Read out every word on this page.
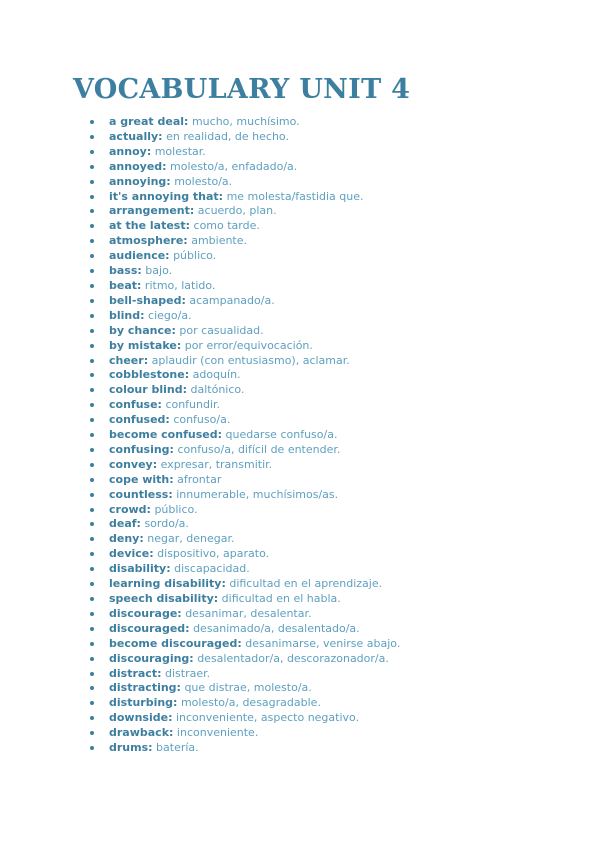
VOCABULARY UNIT 4
a great deal: mucho, muchísimo.
actually: en realidad, de hecho.
annoy: molestar.
annoyed: molesto/a, enfadado/a.
annoying: molesto/a.
it's annoying that: me molesta/fastidia que.
arrangement: acuerdo, plan.
at the latest: como tarde.
atmosphere: ambiente.
audience: público.
bass: bajo.
beat: ritmo, latido.
bell-shaped: acampanado/a.
blind: ciego/a.
by chance: por casualidad.
by mistake: por error/equivocación.
cheer: aplaudir (con entusiasmo), aclamar.
cobblestone: adoquín.
colour blind: daltónico.
confuse: confundir.
confused: confuso/a.
become confused: quedarse confuso/a.
confusing: confuso/a, difícil de entender.
convey: expresar, transmitir.
cope with: afrontar
countless: innumerable, muchísimos/as.
crowd: público.
deaf: sordo/a.
deny: negar, denegar.
device: dispositivo, aparato.
disability: discapacidad.
learning disability: dificultad en el aprendizaje.
speech disability: dificultad en el habla.
discourage: desanimar, desalentar.
discouraged: desanimado/a, desalentado/a.
become discouraged: desanimarse, venirse abajo.
discouraging: desalentador/a, descorazonador/a.
distract: distraer.
distracting: que distrae, molesto/a.
disturbing: molesto/a, desagradable.
downside: inconveniente, aspecto negativo.
drawback: inconveniente.
drums: batería.
